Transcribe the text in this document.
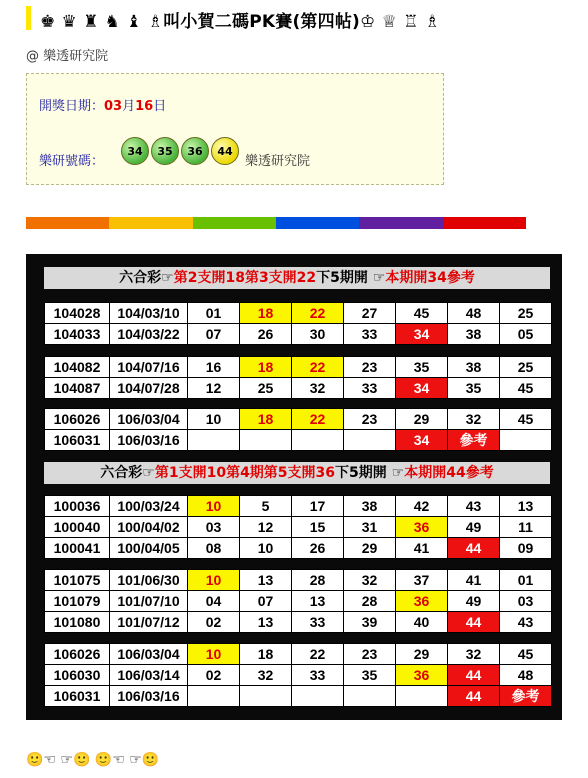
♚ ♛ ♜ ♞ ♝ ♗叫小賀二碼PK賽(第四帖)♔ ♕ ♖ ♗
@ 樂透研究院
開獎日期：03月16日
樂研號碼：
34	35	36	44
樂透研究院
六合彩☞第2支開18第3支開22下5期開 ☞本期開34參考
104028	104/03/10	01	18	22	27	45	48	25
104033	104/03/22	07	26	30	33	34	38	05
104082	104/07/16	16	18	22	23	35	38	25
104087	104/07/28	12	25	32	33	34	35	45
106026	106/03/04	10	18	22	23	29	32	45
106031	106/03/16					34	參考	
六合彩☞第1支開10第4期第5支開36下5期開 ☞本期開44參考
100036	100/03/24	10	5	17	38	42	43	13
100040	100/04/02	03	12	15	31	36	49	11
100041	100/04/05	08	10	26	29	41	44	09
101075	101/06/30	10	13	28	32	37	41	01
101079	101/07/10	04	07	13	28	36	49	03
101080	101/07/12	02	13	33	39	40	44	43
106026	106/03/04	10	18	22	23	29	32	45
106030	106/03/14	02	32	33	35	36	44	48
106031	106/03/16						44	參考
🙂☜ ☞🙂 🙂☜ ☞🙂
